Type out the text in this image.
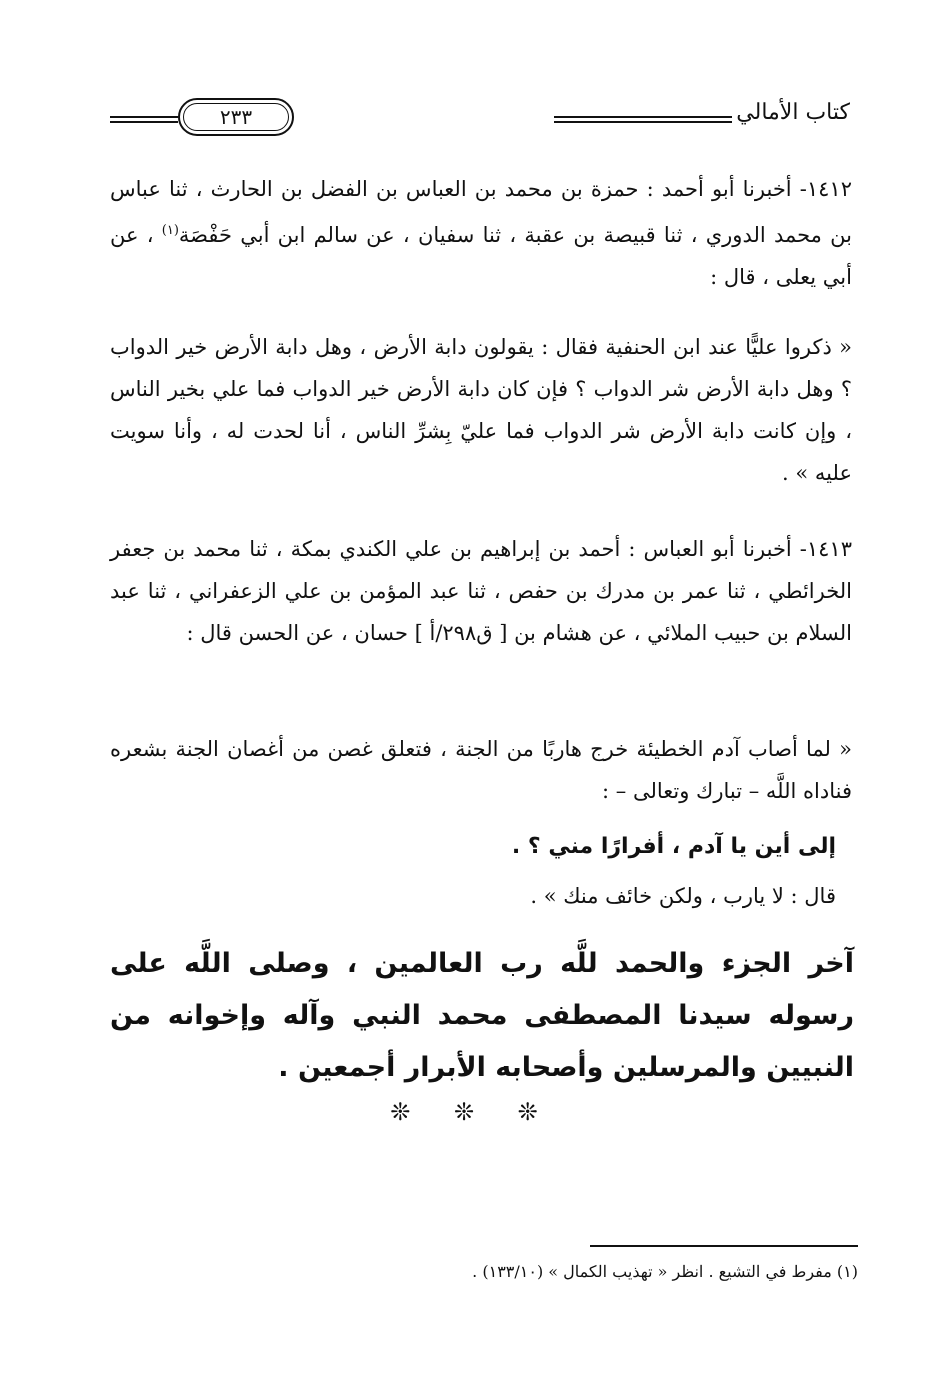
٢٣٣	كتاب الأمالي

١٤١٢- أخبرنا أبو أحمد : حمزة بن محمد بن العباس بن الفضل بن الحارث ، ثنا عباس بن محمد الدوري ، ثنا قبيصة بن عقبة ، ثنا سفيان ، عن سالم ابن أبي حَفْصَة$^{(١)}$ ، عن أبي يعلى ، قال :

« ذكروا عليًّا عند ابن الحنفية فقال : يقولون دابة الأرض ، وهل دابة الأرض خير الدواب ؟ وهل دابة الأرض شر الدواب ؟ فإن كان دابة الأرض خير الدواب فما علي بخير الناس ، وإن كانت دابة الأرض شر الدواب فما عليّ بِشرِّ الناس ، أنا لحدت له ، وأنا سويت عليه » .

١٤١٣- أخبرنا أبو العباس : أحمد بن إبراهيم بن علي الكندي بمكة ، ثنا محمد بن جعفر الخرائطي ، ثنا عمر بن مدرك بن حفص ، ثنا عبد المؤمن بن علي الزعفراني ، ثنا عبد السلام بن حبيب الملائي ، عن هشام بن [ ق٢٩٨/أ ] حسان ، عن الحسن قال :

« لما أصاب آدم الخطيئة خرج هاربًا من الجنة ، فتعلق غصن من أغصان الجنة بشعره فناداه اللَّه – تبارك وتعالى – :

إلى أين يا آدم ، أفرارًا مني ؟ .
قال : لا يارب ، ولكن خائف منك » .
آخر الجزء والحمد للَّه رب العالمين ، وصلى اللَّه على رسوله سيدنا المصطفى محمد النبي وآله وإخوانه من النبيين والمرسلين وأصحابه الأبرار أجمعين .
❊ ❊ ❊
(١) مفرط في التشيع . انظر « تهذيب الكمال » (١٣٣/١٠) .
